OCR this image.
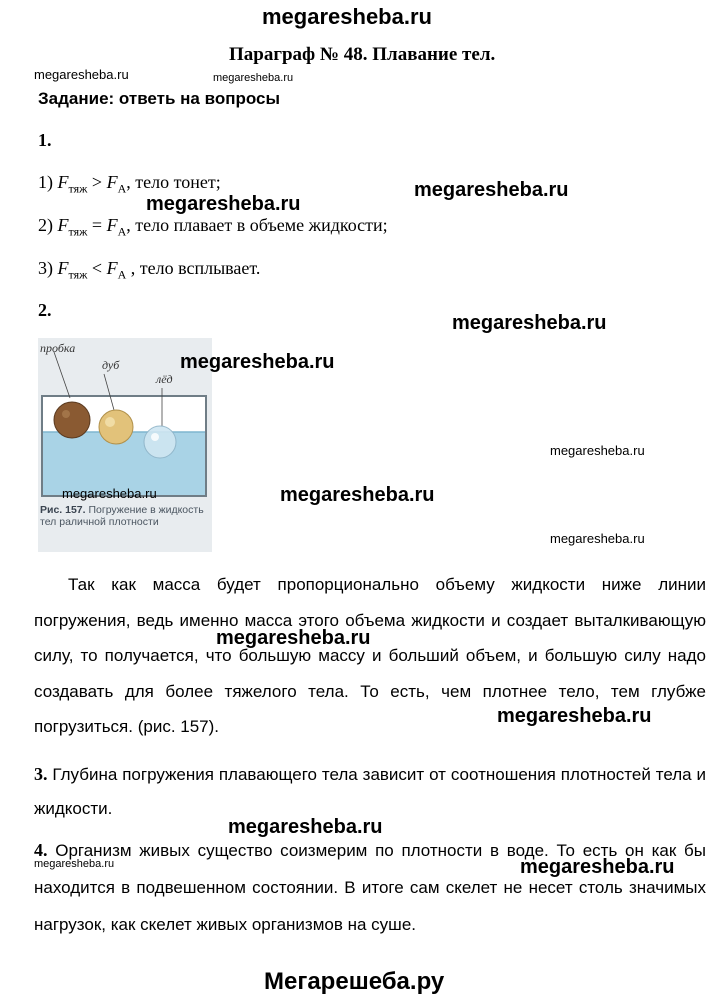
megaresheba.ru
Параграф № 48. Плавание тел.
megaresheba.ru	megaresheba.ru
Задание: ответь на вопросы
1.
1) $F_{тяж} > F_A$, тело тонет;	megaresheba.ru
megaresheba.ru
2) $F_{тяж} = F_A$, тело плавает в объеме жидкости;
3) $F_{тяж} < F_A$ , тело всплывает.
2.
megaresheba.ru
пробка
дуб
лёд
Рис. 157. Погружение в жидкость тел раличной плотности
megaresheba.ru
megaresheba.ru
megaresheba.ru	megaresheba.ru
megaresheba.ru
Так как масса будет пропорционально объему жидкости ниже линии погружения, ведь именно масса этого объема жидкости и создает выталкивающую силу, то получается, что большую массу и больший объем, и большую силу надо создавать для более тяжелого тела. То есть, чем плотнее тело, тем глубже погрузиться. (рис. 157).
megaresheba.ru
megaresheba.ru
3. Глубина погружения плавающего тела зависит от соотношения плотностей тела и жидкости.
megaresheba.ru
4. Организм живых существо соизмерим по плотности в воде. То есть он как бы находится в подвешенном состоянии. В итоге сам скелет не несет столь значимых нагрузок, как скелет живых организмов на суше.
megaresheba.ru	megaresheba.ru
Мегарешеба.ру
